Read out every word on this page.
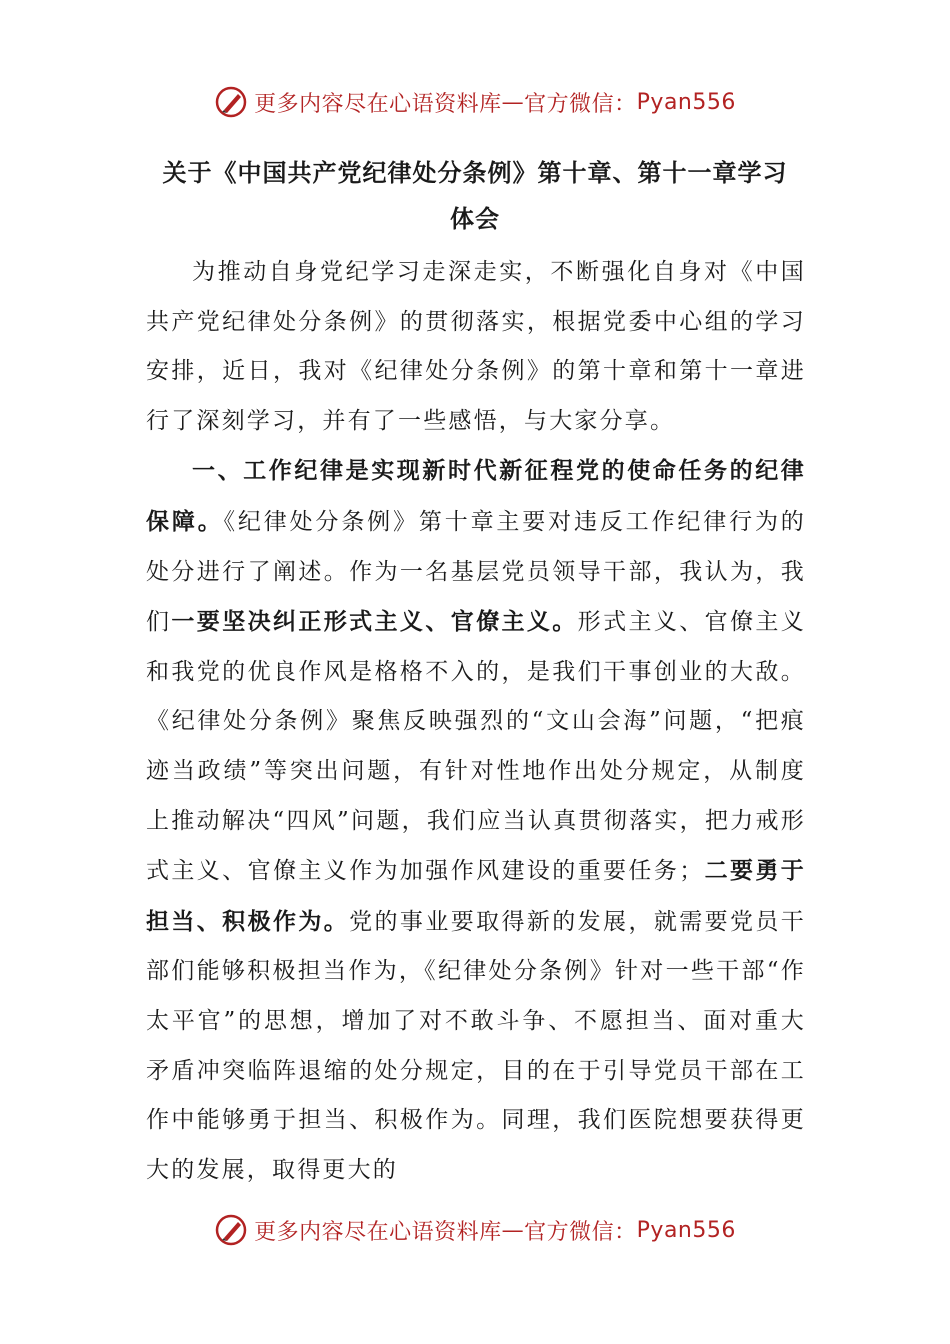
更多内容尽在心语资料库 — 官方微信： Pyan556
关于《中国共产党纪律处分条例》第十章、第十一章学习
体会

为推动自身党纪学习走深走实，不断强化自身对《中国共产党纪律处分条例》的贯彻落实，根据党委中心组的学习安排，近日，我对《纪律处分条例》的第十章和第十一章进行了深刻学习，并有了一些感悟，与大家分享。

一、工作纪律是实现新时代新征程党的使命任务的纪律保障。《纪律处分条例》第十章主要对违反工作纪律行为的处分进行了阐述。作为一名基层党员领导干部，我认为，我们一要坚决纠正形式主义、官僚主义。形式主义、官僚主义和我党的优良作风是格格不入的，是我们干事创业的大敌。《纪律处分条例》聚焦反映强烈的“文山会海”问题，“把痕迹当政绩”等突出问题，有针对性地作出处分规定，从制度上推动解决“四风”问题，我们应当认真贯彻落实，把力戒形式主义、官僚主义作为加强作风建设的重要任务；二要勇于担当、积极作为。党的事业要取得新的发展，就需要党员干部们能够积极担当作为，《纪律处分条例》针对一些干部“作太平官”的思想，增加了对不敢斗争、不愿担当、面对重大矛盾冲突临阵退缩的处分规定，目的在于引导党员干部在工作中能够勇于担当、积极作为。同理，我们医院想要获得更大的发展，取得更大的

更多内容尽在心语资料库 — 官方微信： Pyan556
